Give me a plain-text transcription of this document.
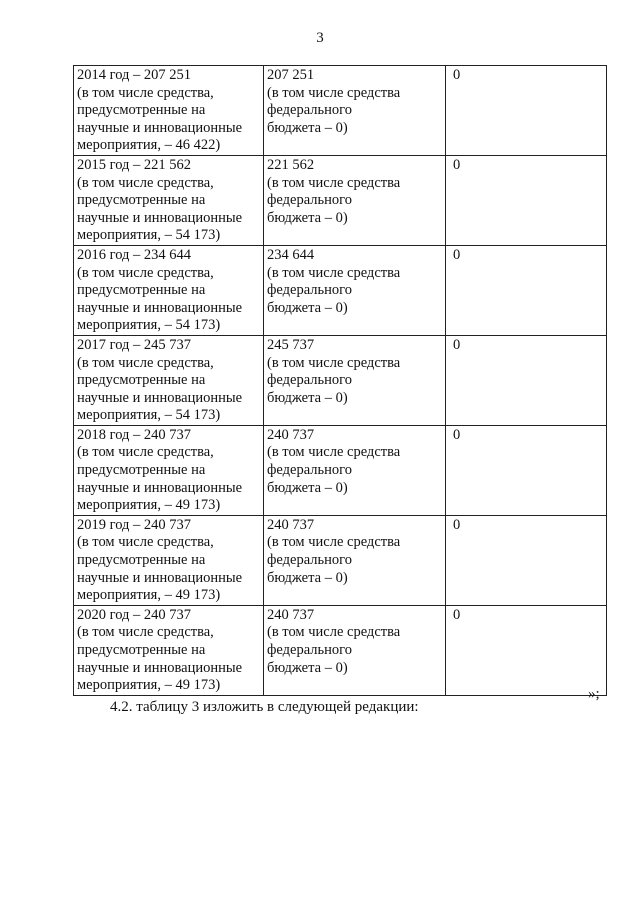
3
2014 год – 207 251
(в том числе средства,
предусмотренные на
научные и инновационные
мероприятия, – 46 422)	207 251
(в том числе средства
федерального
бюджета – 0)	0

2015 год – 221 562
(в том числе средства,
предусмотренные на
научные и инновационные
мероприятия, – 54 173)	221 562
(в том числе средства
федерального
бюджета – 0)	0

2016 год – 234 644
(в том числе средства,
предусмотренные на
научные и инновационные
мероприятия, – 54 173)	234 644
(в том числе средства
федерального
бюджета – 0)	0

2017 год – 245 737
(в том числе средства,
предусмотренные на
научные и инновационные
мероприятия, – 54 173)	245 737
(в том числе средства
федерального
бюджета – 0)	0

2018 год – 240 737
(в том числе средства,
предусмотренные на
научные и инновационные
мероприятия, – 49 173)	240 737
(в том числе средства
федерального
бюджета – 0)	0

2019 год – 240 737
(в том числе средства,
предусмотренные на
научные и инновационные
мероприятия, – 49 173)	240 737
(в том числе средства
федерального
бюджета – 0)	0

2020 год – 240 737
(в том числе средства,
предусмотренные на
научные и инновационные
мероприятия, – 49 173)	240 737
(в том числе средства
федерального
бюджета – 0)	0
»;
4.2. таблицу 3 изложить в следующей редакции:
